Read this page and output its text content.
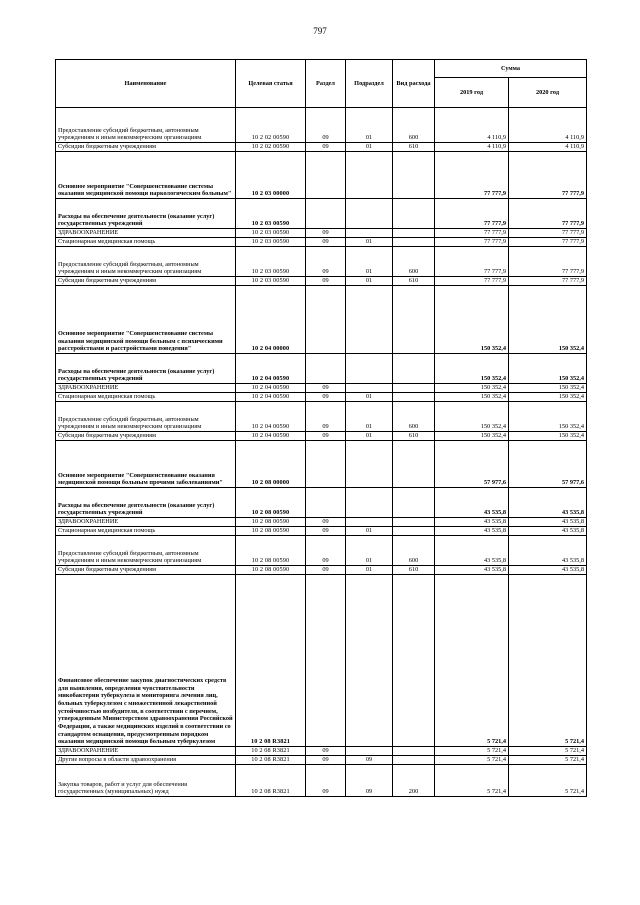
797
Наименование	Целевая статья	Раздел	Подраздел	Вид расхода	Сумма	
					2019 год	2020 год
Предоставление субсидий бюджетным, автономным учреждениям и иным некоммерческим организациям	10 2 02 00590	09	01	600	4 110,9	4 110,9
Субсидии бюджетным учреждениям	10 2 02 00590	09	01	610	4 110,9	4 110,9
Основное мероприятие "Совершенствование системы оказания медицинской помощи наркологическим больным"	10 2 03 00000				77 777,9	77 777,9
Расходы на обеспечение деятельности (оказание услуг) государственных учреждений	10 2 03 00590				77 777,9	77 777,9
ЗДРАВООХРАНЕНИЕ	10 2 03 00590	09			77 777,9	77 777,9
Стационарная медицинская помощь	10 2 03 00590	09	01		77 777,9	77 777,9
Предоставление субсидий бюджетным, автономным учреждениям и иным некоммерческим организациям	10 2 03 00590	09	01	600	77 777,9	77 777,9
Субсидии бюджетным учреждениям	10 2 03 00590	09	01	610	77 777,9	77 777,9
Основное мероприятие "Совершенствование системы оказания медицинской помощи больным с психическими расстройствами и расстройствами поведения"	10 2 04 00000				150 352,4	150 352,4
Расходы на обеспечение деятельности (оказание услуг) государственных учреждений	10 2 04 00590				150 352,4	150 352,4
ЗДРАВООХРАНЕНИЕ	10 2 04 00590	09			150 352,4	150 352,4
Стационарная медицинская помощь	10 2 04 00590	09	01		150 352,4	150 352,4
Предоставление субсидий бюджетным, автономным учреждениям и иным некоммерческим организациям	10 2 04 00590	09	01	600	150 352,4	150 352,4
Субсидии бюджетным учреждениям	10 2 04 00590	09	01	610	150 352,4	150 352,4
Основное мероприятие "Совершенствование оказания медицинской помощи больным прочими заболеваниями"	10 2 08 00000				57 977,6	57 977,6
Расходы на обеспечение деятельности (оказание услуг) государственных учреждений	10 2 08 00590				43 535,8	43 535,8
ЗДРАВООХРАНЕНИЕ	10 2 08 00590	09			43 535,8	43 535,8
Стационарная медицинская помощь	10 2 08 00590	09	01		43 535,8	43 535,8
Предоставление субсидий бюджетным, автономным учреждениям и иным некоммерческим организациям	10 2 08 00590	09	01	600	43 535,8	43 535,8
Субсидии бюджетным учреждениям	10 2 08 00590	09	01	610	43 535,8	43 535,8
Финансовое обеспечение закупок диагностических средств для выявления, определения чувствительности микобактерии туберкулеза и мониторинга лечения лиц, больных туберкулезом с множественной лекарственной устойчивостью возбудителя, в соответствии с перечнем, утвержденным Министерством здравоохранения Российской Федерации, а также медицинских изделий в соответствии со стандартом оснащения, предусмотренным порядком оказания медицинской помощи больным туберкулезом	10 2 08 R3821				5 721,4	5 721,4
ЗДРАВООХРАНЕНИЕ	10 2 08 R3821	09			5 721,4	5 721,4
Другие вопросы в области здравоохранения	10 2 08 R3821	09	09		5 721,4	5 721,4
Закупка товаров, работ и услуг для обеспечения государственных (муниципальных) нужд	10 2 08 R3821	09	09	200	5 721,4	5 721,4
